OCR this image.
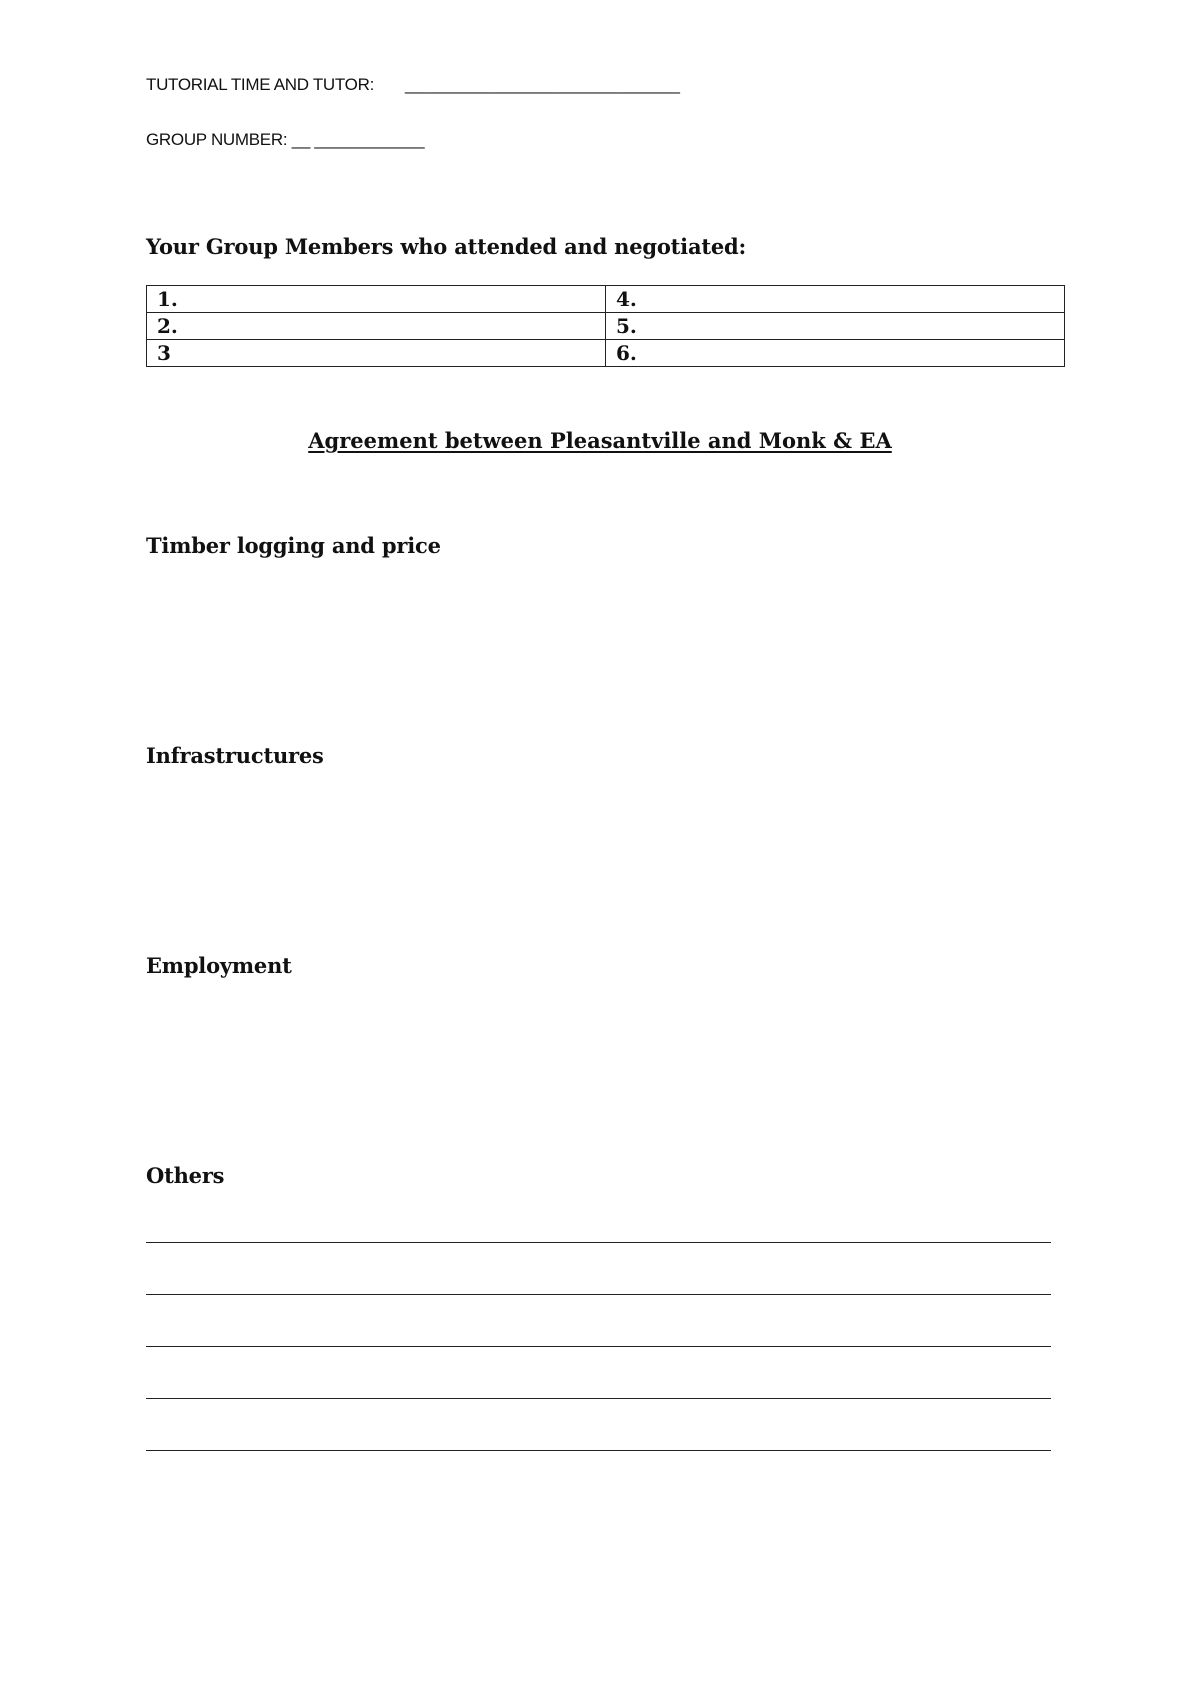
TUTORIAL TIME AND TUTOR: ______________________________
GROUP NUMBER: __ ____________
Your Group Members who attended and negotiated:
1.	4.
2.	5.
3	6.
Agreement between Pleasantville and Monk & EA
Timber logging and price
Infrastructures
Employment
Others
